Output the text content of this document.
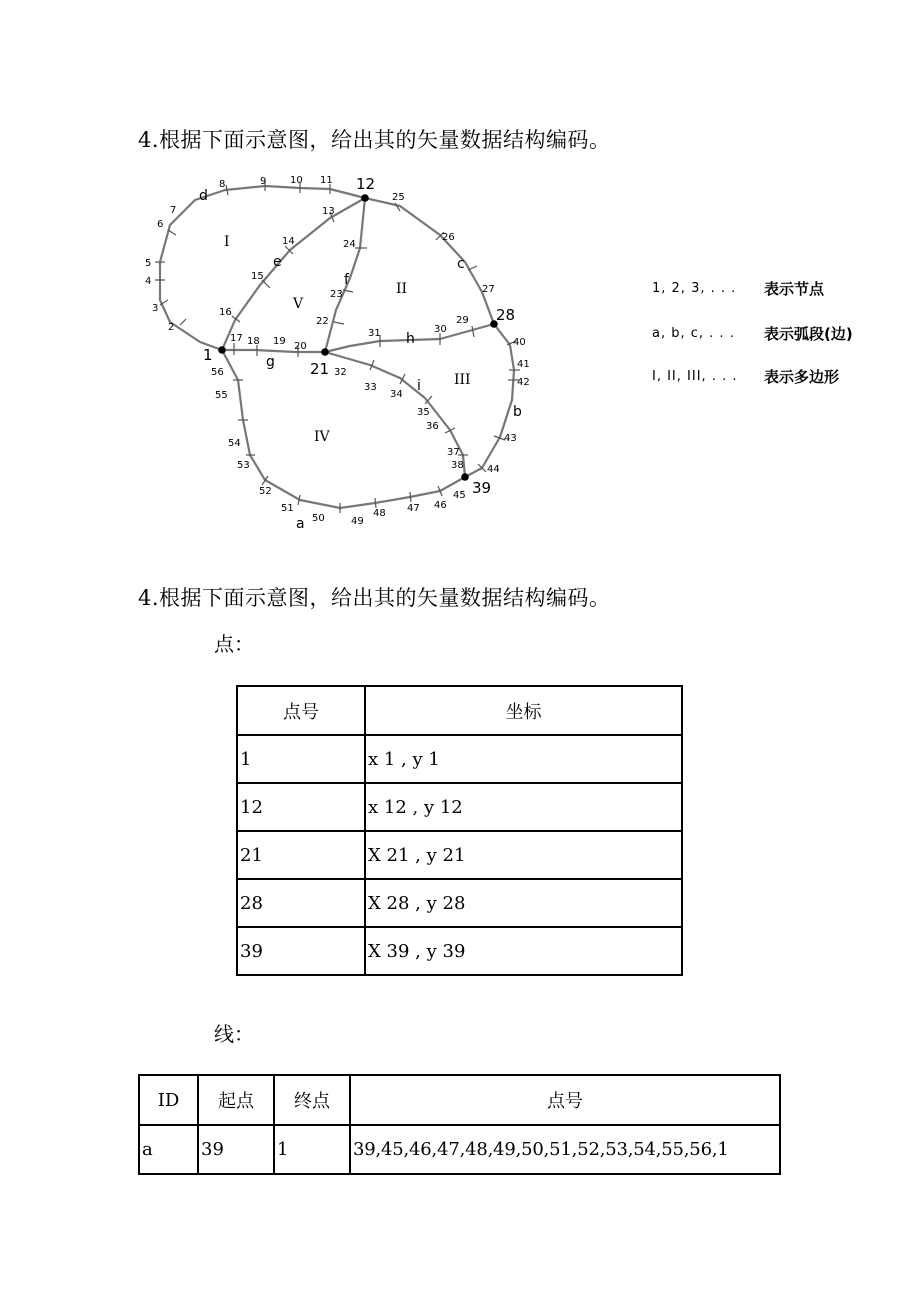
4.根据下面示意图，给出其的矢量数据结构编码。
1
12
21
28
39
a
b
c
d
e
f
g
h
i
I
II
III
IV
V
2
3
4
5
6
7
8	9 10 11
13
14
15
16
17 18 19 20
22
23
24
25
26
27
29
30
31
32
33
34
35
36
37
38
40
41
42
43
44
45
46
47
48
49
50
51
52
53
54
55
56
1, 2, 3, . . . 表示节点
a, b, c, . . . 表示弧段(边)
I, II, III, . . . 表示多边形
4.根据下面示意图，给出其的矢量数据结构编码。
点：
点号	坐标
1	x 1 , y 1
12	x 12 , y 12
21	X 21 , y 21
28	X 28 , y 28
39	X 39 , y 39
线：
ID	起点	终点	点号
a	39	1	39,45,46,47,48,49,50,51,52,53,54,55,56,1
